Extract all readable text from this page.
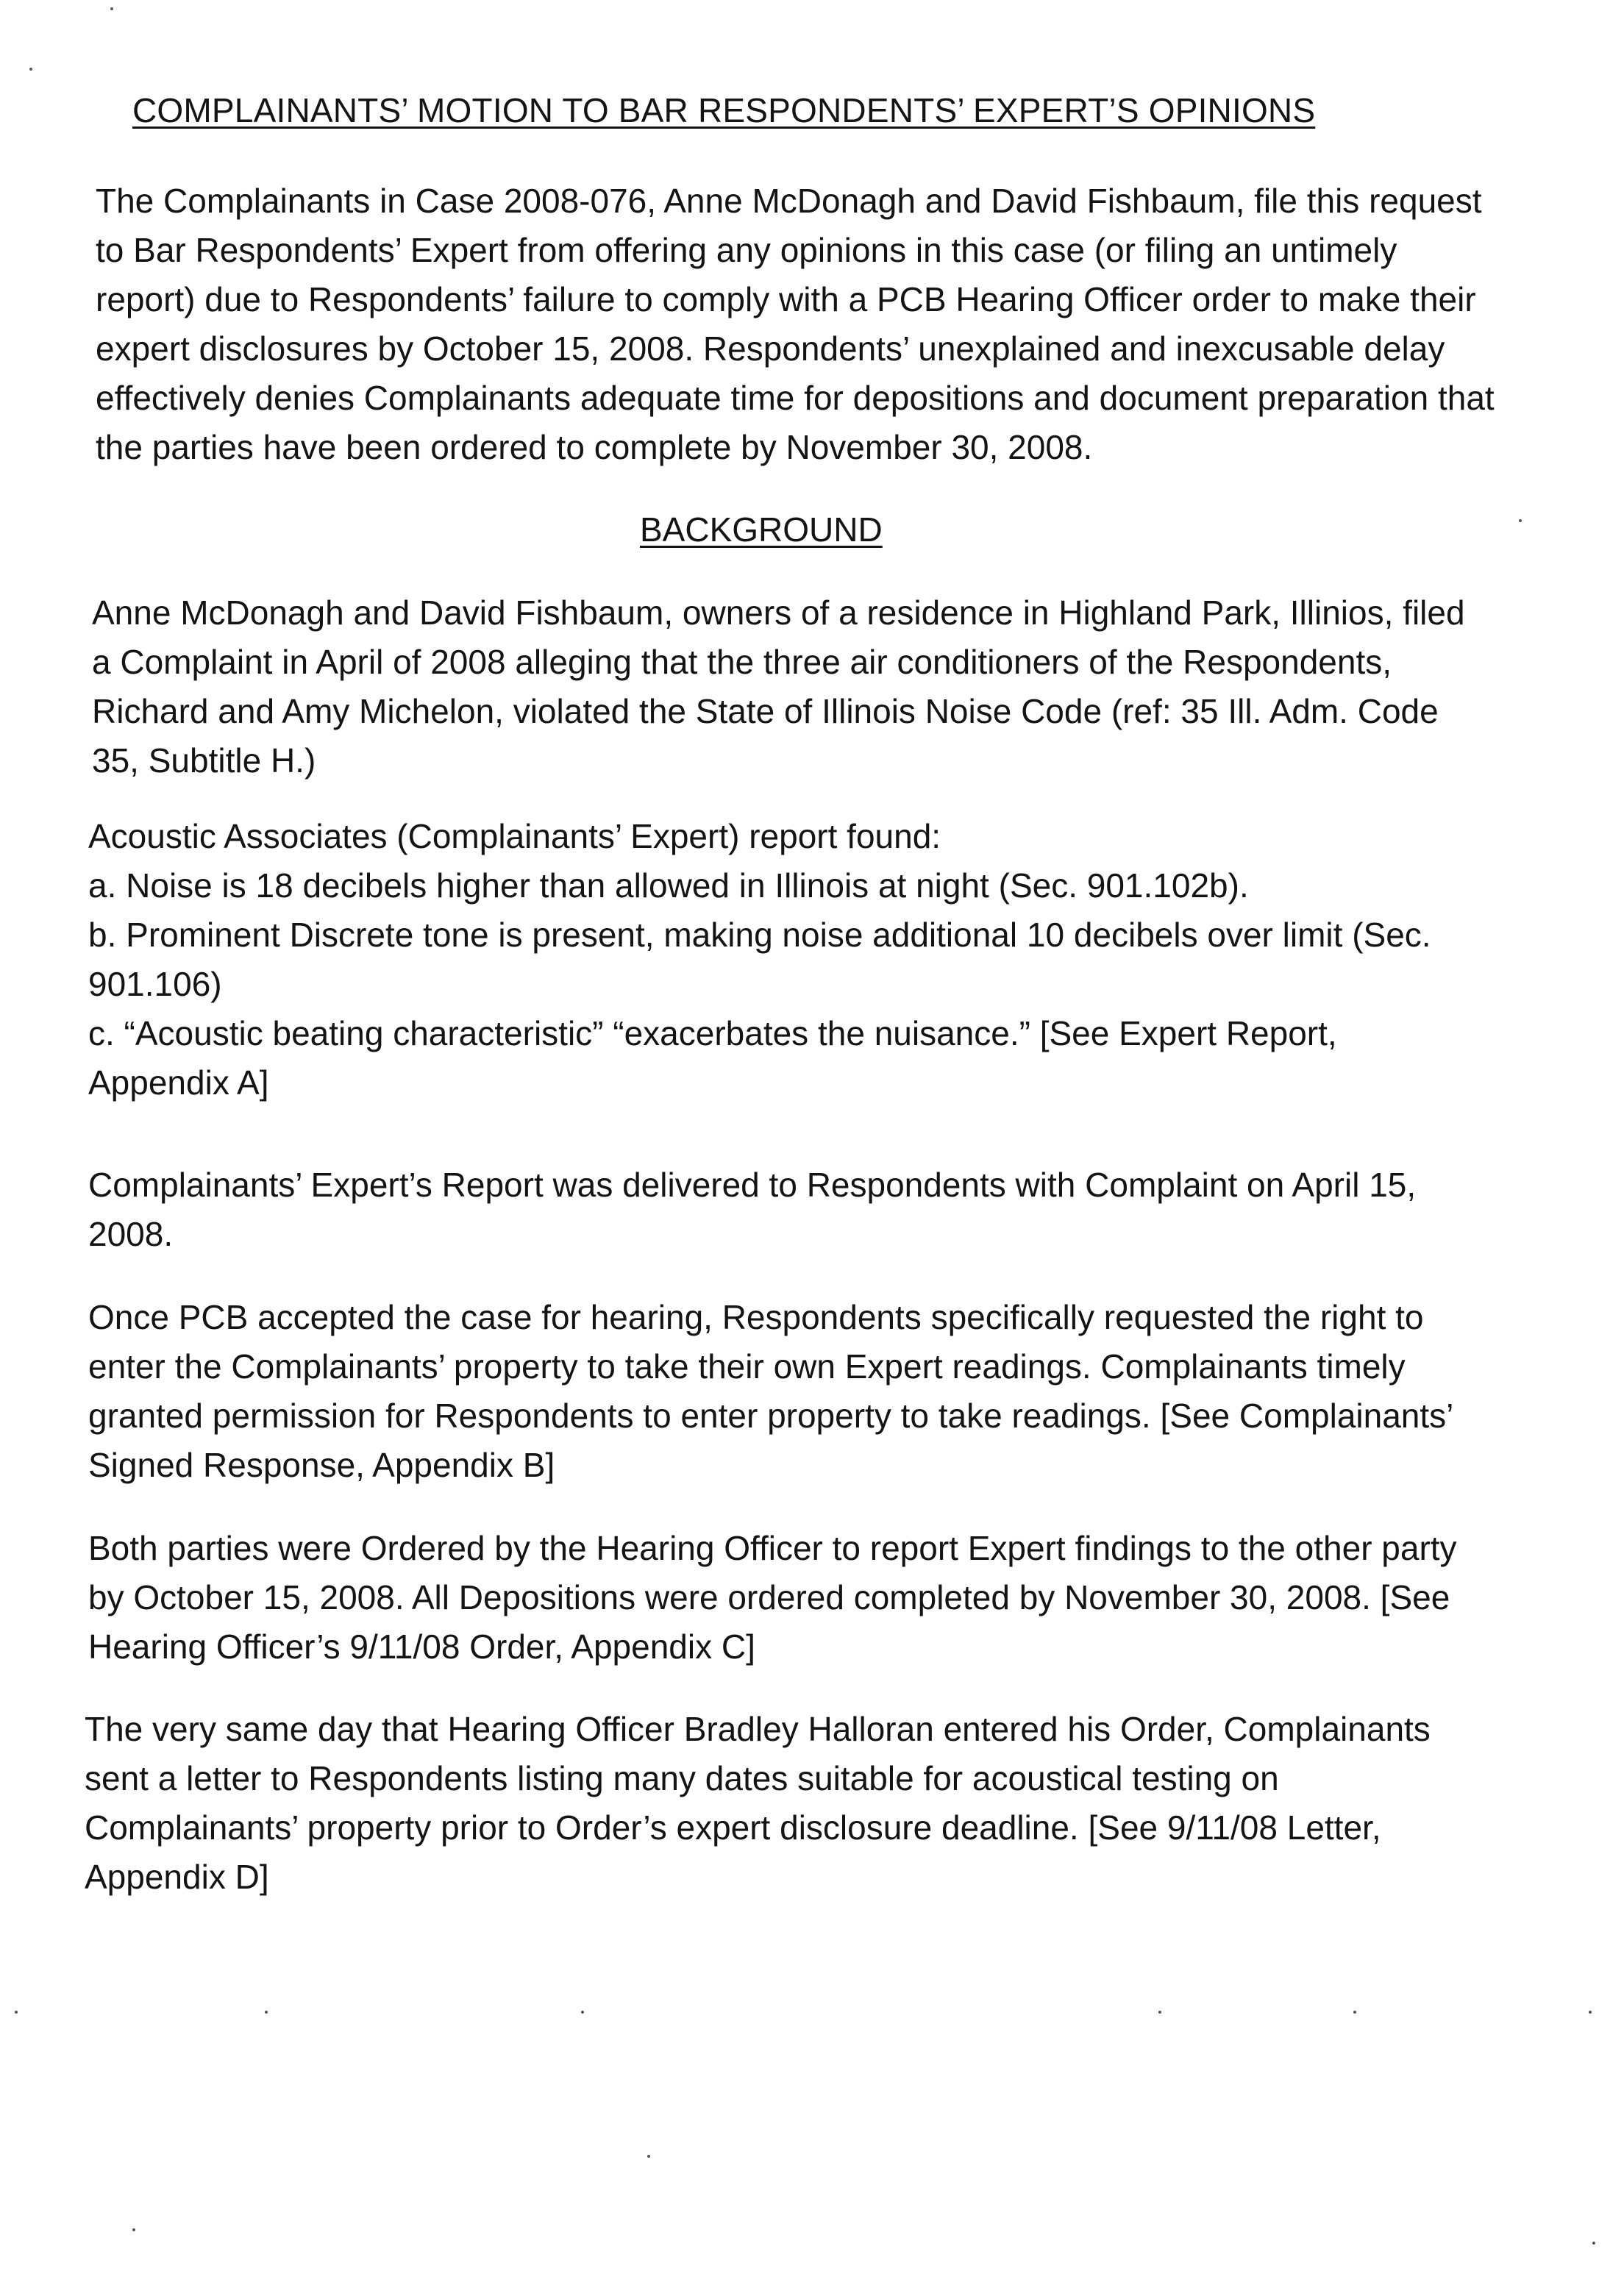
COMPLAINANTS’ MOTION TO BAR RESPONDENTS’ EXPERT’S OPINIONS

The Complainants in Case 2008-076, Anne McDonagh and David Fishbaum, file this request
to Bar Respondents’ Expert from offering any opinions in this case (or filing an untimely
report) due to Respondents’ failure to comply with a PCB Hearing Officer order to make their
expert disclosures by October 15, 2008. Respondents’ unexplained and inexcusable delay
effectively denies Complainants adequate time for depositions and document preparation that
the parties have been ordered to complete by November 30, 2008.

BACKGROUND

Anne McDonagh and David Fishbaum, owners of a residence in Highland Park, Illinios, filed
a Complaint in April of 2008 alleging that the three air conditioners of the Respondents,
Richard and Amy Michelon, violated the State of Illinois Noise Code (ref: 35 Ill. Adm. Code
35, Subtitle H.)

Acoustic Associates (Complainants’ Expert) report found:
a. Noise is 18 decibels higher than allowed in Illinois at night (Sec. 901.102b).
b. Prominent Discrete tone is present, making noise additional 10 decibels over limit (Sec.
901.106)
c. “Acoustic beating characteristic” “exacerbates the nuisance.” [See Expert Report,
Appendix A]

Complainants’ Expert’s Report was delivered to Respondents with Complaint on April 15,
2008.

Once PCB accepted the case for hearing, Respondents specifically requested the right to
enter the Complainants’ property to take their own Expert readings. Complainants timely
granted permission for Respondents to enter property to take readings. [See Complainants’
Signed Response, Appendix B]

Both parties were Ordered by the Hearing Officer to report Expert findings to the other party
by October 15, 2008. All Depositions were ordered completed by November 30, 2008. [See
Hearing Officer’s 9/11/08 Order, Appendix C]

The very same day that Hearing Officer Bradley Halloran entered his Order, Complainants
sent a letter to Respondents listing many dates suitable for acoustical testing on
Complainants’ property prior to Order’s expert disclosure deadline. [See 9/11/08 Letter,
Appendix D]
